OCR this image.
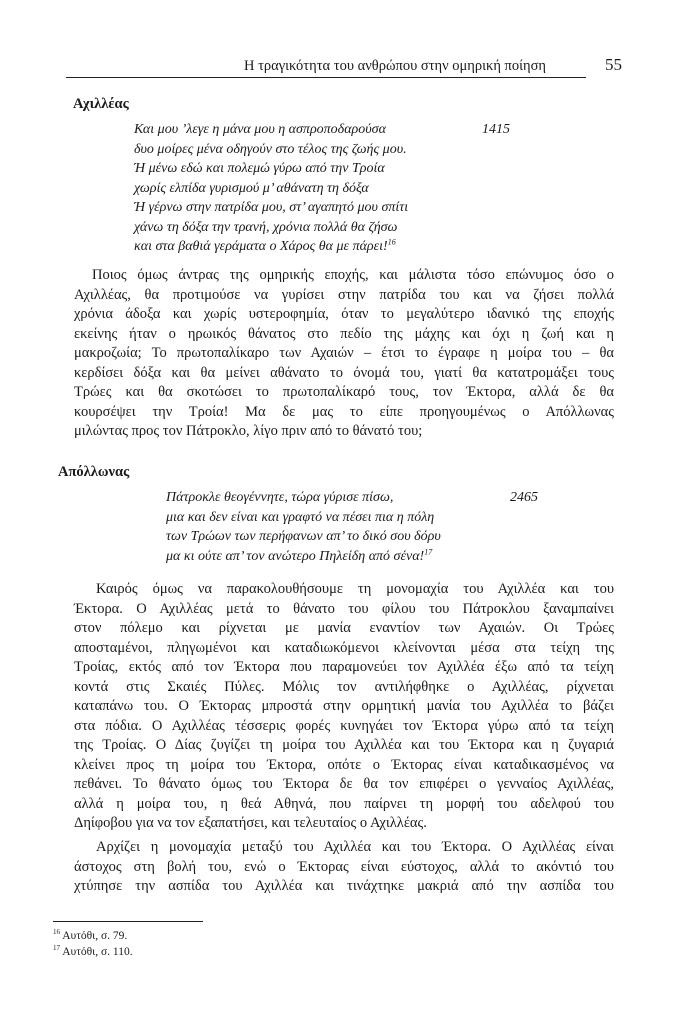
Η τραγικότητα του ανθρώπου στην ομηρική ποίηση	55
Αχιλλέας
Και μου ’λεγε η μάνα μου η ασπροποδαρούσα
δυο μοίρες μένα οδηγούν στο τέλος της ζωής μου.
Ή μένω εδώ και πολεμώ γύρω από την Τροία
χωρίς ελπίδα γυρισμού μ’ αθάνατη τη δόξα
Ή γέρνω στην πατρίδα μου, στ’ αγαπητό μου σπίτι
χάνω τη δόξα την τρανή, χρόνια πολλά θα ζήσω
και στα βαθιά γεράματα ο Χάρος θα με πάρει!$^{16}$
1415
Ποιος όμως άντρας της ομηρικής εποχής, και μάλιστα τόσο επώνυμος όσο ο
Αχιλλέας, θα προτιμούσε να γυρίσει στην πατρίδα του και να ζήσει πολλά
χρόνια άδοξα και χωρίς υστεροφημία, όταν το μεγαλύτερο ιδανικό της εποχής
εκείνης ήταν ο ηρωικός θάνατος στο πεδίο της μάχης και όχι η ζωή και η
μακροζωία; Το πρωτοπαλίκαρο των Αχαιών – έτσι το έγραφε η μοίρα του – θα
κερδίσει δόξα και θα μείνει αθάνατο το όνομά του, γιατί θα κατατρομάξει τους
Τρώες και θα σκοτώσει το πρωτοπαλίκαρό τους, τον Έκτορα, αλλά δε θα
κουρσέψει την Τροία! Μα δε μας το είπε προηγουμένως ο Απόλλωνας
μιλώντας προς τον Πάτροκλο, λίγο πριν από το θάνατό του;
Απόλλωνας
Πάτροκλε θεογέννητε, τώρα γύρισε πίσω,
μια και δεν είναι και γραφτό να πέσει πια η πόλη
των Τρώων των περήφανων απ’ το δικό σου δόρυ
μα κι ούτε απ’ τον ανώτερο Πηλείδη από σένα!$^{17}$
2465
Καιρός όμως να παρακολουθήσουμε τη μονομαχία του Αχιλλέα και του
Έκτορα. Ο Αχιλλέας μετά το θάνατο του φίλου του Πάτροκλου ξαναμπαίνει
στον πόλεμο και ρίχνεται με μανία εναντίον των Αχαιών. Οι Τρώες
αποσταμένοι, πληγωμένοι και καταδιωκόμενοι κλείνονται μέσα στα τείχη της
Τροίας, εκτός από τον Έκτορα που παραμονεύει τον Αχιλλέα έξω από τα τείχη
κοντά στις Σκαιές Πύλες. Μόλις τον αντιλήφθηκε ο Αχιλλέας, ρίχνεται
καταπάνω του. Ο Έκτορας μπροστά στην ορμητική μανία του Αχιλλέα το βάζει
στα πόδια. Ο Αχιλλέας τέσσερις φορές κυνηγάει τον Έκτορα γύρω από τα τείχη
της Τροίας. Ο Δίας ζυγίζει τη μοίρα του Αχιλλέα και του Έκτορα και η ζυγαριά
κλείνει προς τη μοίρα του Έκτορα, οπότε ο Έκτορας είναι καταδικασμένος να
πεθάνει. Το θάνατο όμως του Έκτορα δε θα τον επιφέρει ο γενναίος Αχιλλέας,
αλλά η μοίρα του, η θεά Αθηνά, που παίρνει τη μορφή του αδελφού του
Δηίφοβου για να τον εξαπατήσει, και τελευταίος ο Αχιλλέας.
Αρχίζει η μονομαχία μεταξύ του Αχιλλέα και του Έκτορα. Ο Αχιλλέας είναι
άστοχος στη βολή του, ενώ ο Έκτορας είναι εύστοχος, αλλά το ακόντιό του
χτύπησε την ασπίδα του Αχιλλέα και τινάχτηκε μακριά από την ασπίδα του
$^{16}$ Αυτόθι, σ. 79.
$^{17}$ Αυτόθι, σ. 110.
